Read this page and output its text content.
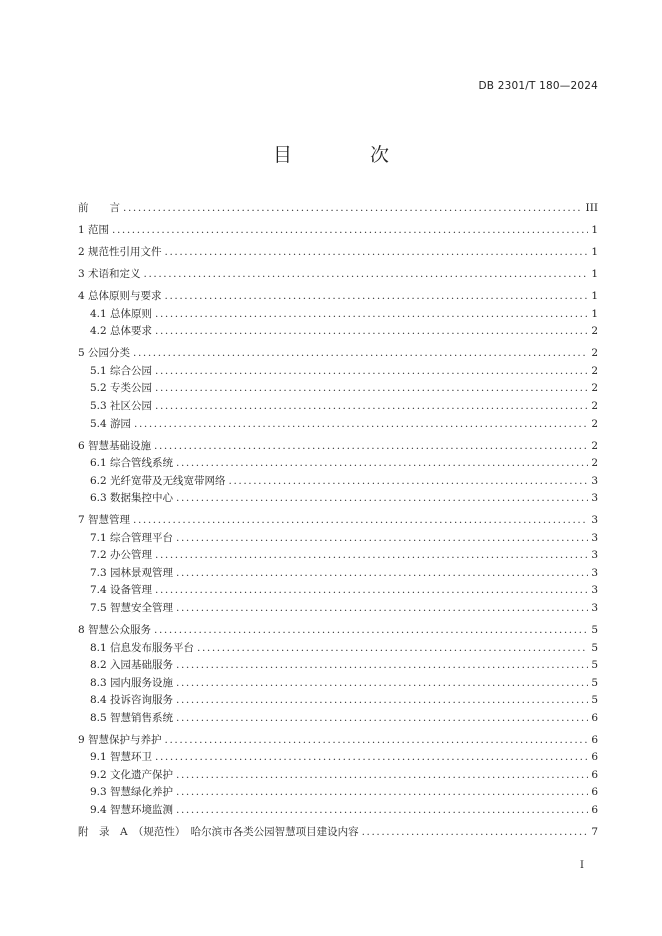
DB 2301/T 180—2024
目 次
前　　言 .....	III
1 范围 .....	1
2 规范性引用文件 .....	1
3 术语和定义 .....	1
4 总体原则与要求 .....	1
4.1 总体原则 .....	1
4.2 总体要求 .....	2
5 公园分类 .....	2
5.1 综合公园 .....	2
5.2 专类公园 .....	2
5.3 社区公园 .....	2
5.4 游园 .....	2
6 智慧基础设施 .....	2
6.1 综合管线系统 .....	2
6.2 光纤宽带及无线宽带网络 .....	3
6.3 数据集控中心 .....	3
7 智慧管理 .....	3
7.1 综合管理平台 .....	3
7.2 办公管理 .....	3
7.3 园林景观管理 .....	3
7.4 设备管理 .....	3
7.5 智慧安全管理 .....	3
8 智慧公众服务 .....	5
8.1 信息发布服务平台 .....	5
8.2 入园基础服务 .....	5
8.3 园内服务设施 .....	5
8.4 投诉咨询服务 .....	5
8.5 智慧销售系统 .....	6
9 智慧保护与养护 .....	6
9.1 智慧环卫 .....	6
9.2 文化遗产保护 .....	6
9.3 智慧绿化养护 .....	6
9.4 智慧环境监测 .....	6
附　录　A　（规范性）　哈尔滨市各类公园智慧项目建设内容 .....	7
I
